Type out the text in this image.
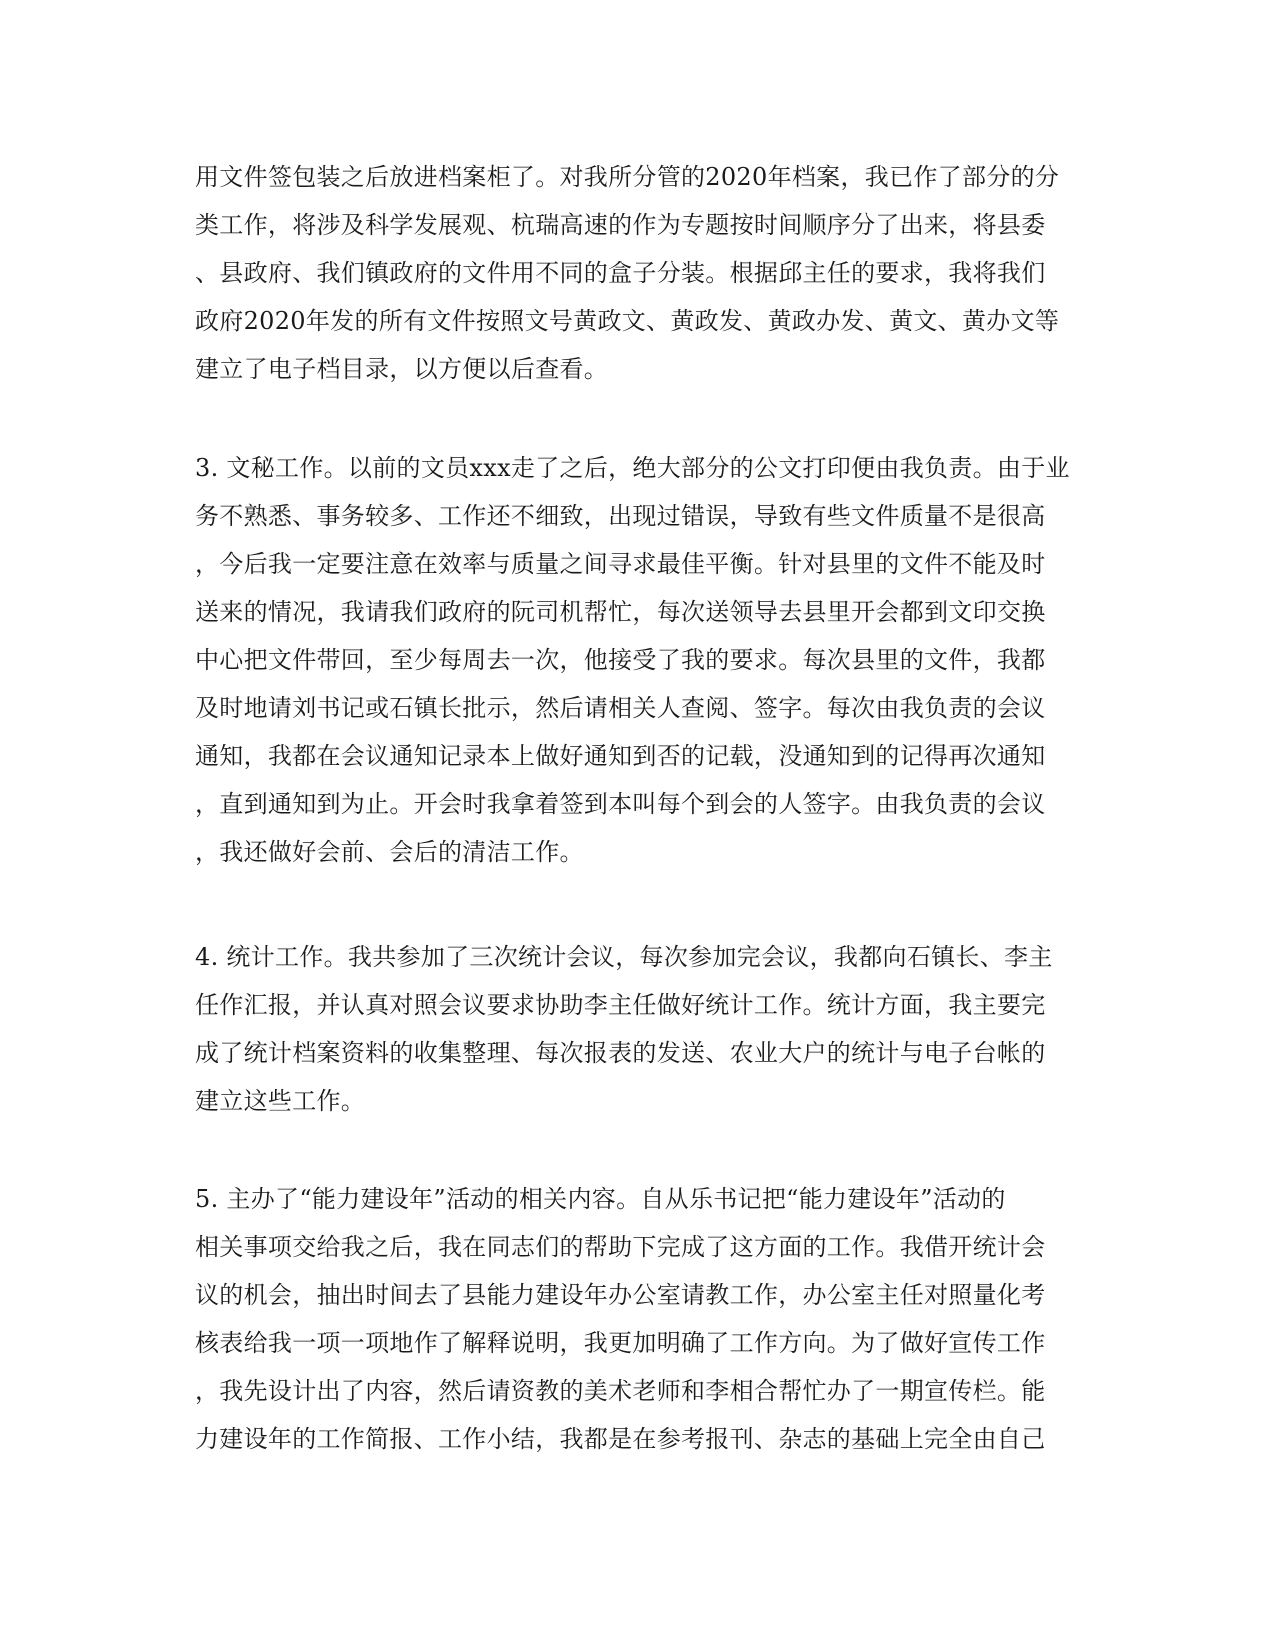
用文件签包装之后放进档案柜了。对我所分管的2020年档案，我已作了部分的分
类工作，将涉及科学发展观、杭瑞高速的作为专题按时间顺序分了出来，将县委
、县政府、我们镇政府的文件用不同的盒子分装。根据邱主任的要求，我将我们
政府2020年发的所有文件按照文号黄政文、黄政发、黄政办发、黄文、黄办文等
建立了电子档目录，以方便以后查看。
3. 文秘工作。以前的文员xxx走了之后，绝大部分的公文打印便由我负责。由于业
务不熟悉、事务较多、工作还不细致，出现过错误，导致有些文件质量不是很高
，今后我一定要注意在效率与质量之间寻求最佳平衡。针对县里的文件不能及时
送来的情况，我请我们政府的阮司机帮忙，每次送领导去县里开会都到文印交换
中心把文件带回，至少每周去一次，他接受了我的要求。每次县里的文件，我都
及时地请刘书记或石镇长批示，然后请相关人查阅、签字。每次由我负责的会议
通知，我都在会议通知记录本上做好通知到否的记载，没通知到的记得再次通知
，直到通知到为止。开会时我拿着签到本叫每个到会的人签字。由我负责的会议
，我还做好会前、会后的清洁工作。
4. 统计工作。我共参加了三次统计会议，每次参加完会议，我都向石镇长、李主
任作汇报，并认真对照会议要求协助李主任做好统计工作。统计方面，我主要完
成了统计档案资料的收集整理、每次报表的发送、农业大户的统计与电子台帐的
建立这些工作。
5. 主办了“能力建设年”活动的相关内容。自从乐书记把“能力建设年”活动的
相关事项交给我之后，我在同志们的帮助下完成了这方面的工作。我借开统计会
议的机会，抽出时间去了县能力建设年办公室请教工作，办公室主任对照量化考
核表给我一项一项地作了解释说明，我更加明确了工作方向。为了做好宣传工作
，我先设计出了内容，然后请资教的美术老师和李相合帮忙办了一期宣传栏。能
力建设年的工作简报、工作小结，我都是在参考报刊、杂志的基础上完全由自己
